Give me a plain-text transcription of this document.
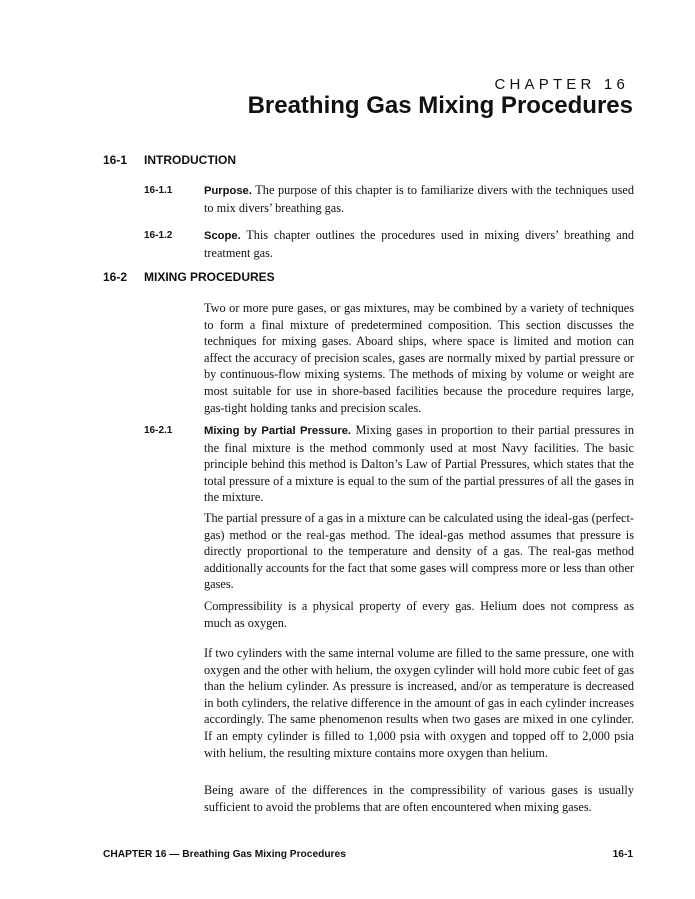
CHAPTER 16
Breathing Gas Mixing Procedures
16-1 INTRODUCTION
16-1.1	Purpose. The purpose of this chapter is to familiarize divers with the techniques used to mix divers’ breathing gas.

16-1.2	Scope. This chapter outlines the procedures used in mixing divers’ breathing and treatment gas.

16-2 MIXING PROCEDURES

Two or more pure gases, or gas mixtures, may be combined by a variety of techniques to form a final mixture of predetermined composition. This section discusses the techniques for mixing gases. Aboard ships, where space is limited and motion can affect the accuracy of precision scales, gases are normally mixed by partial pressure or by continuous-flow mixing systems. The methods of mixing by volume or weight are most suitable for use in shore-based facilities because the procedure requires large, gas-tight holding tanks and precision scales.

16-2.1	Mixing by Partial Pressure. Mixing gases in proportion to their partial pressures in the final mixture is the method commonly used at most Navy facilities. The basic principle behind this method is Dalton’s Law of Partial Pressures, which states that the total pressure of a mixture is equal to the sum of the partial pressures of all the gases in the mixture.

The partial pressure of a gas in a mixture can be calculated using the ideal-gas (perfect-gas) method or the real-gas method. The ideal-gas method assumes that pressure is directly proportional to the temperature and density of a gas. The real-gas method additionally accounts for the fact that some gases will compress more or less than other gases.

Compressibility is a physical property of every gas. Helium does not compress as much as oxygen.

If two cylinders with the same internal volume are filled to the same pressure, one with oxygen and the other with helium, the oxygen cylinder will hold more cubic feet of gas than the helium cylinder. As pressure is increased, and/or as temperature is decreased in both cylinders, the relative difference in the amount of gas in each cylinder increases accordingly. The same phenomenon results when two gases are mixed in one cylinder. If an empty cylinder is filled to 1,000 psia with oxygen and topped off to 2,000 psia with helium, the resulting mixture contains more oxygen than helium.

Being aware of the differences in the compressibility of various gases is usually sufficient to avoid the problems that are often encountered when mixing gases.

CHAPTER 16 — Breathing Gas Mixing Procedures	16-1
